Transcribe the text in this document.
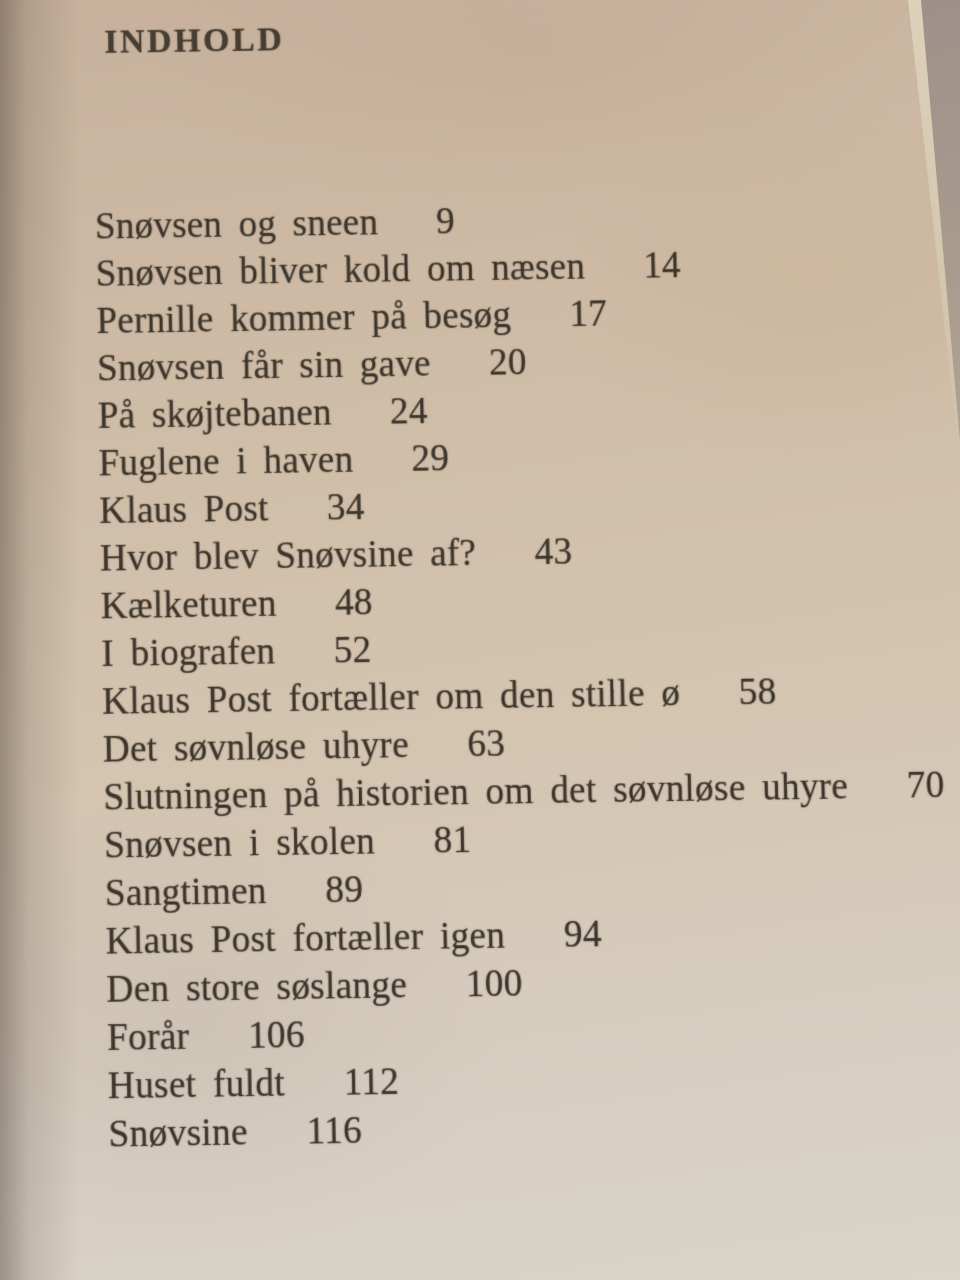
INDHOLD
Snøvsen og sneen 9
Snøvsen bliver kold om næsen 14
Pernille kommer på besøg 17
Snøvsen får sin gave 20
På skøjtebanen 24
Fuglene i haven 29
Klaus Post 34
Hvor blev Snøvsine af? 43
Kælketuren 48
I biografen 52
Klaus Post fortæller om den stille ø 58
Det søvnløse uhyre 63
Slutningen på historien om det søvnløse uhyre 70
Snøvsen i skolen 81
Sangtimen 89
Klaus Post fortæller igen 94
Den store søslange 100
Forår 106
Huset fuldt 112
Snøvsine 116
